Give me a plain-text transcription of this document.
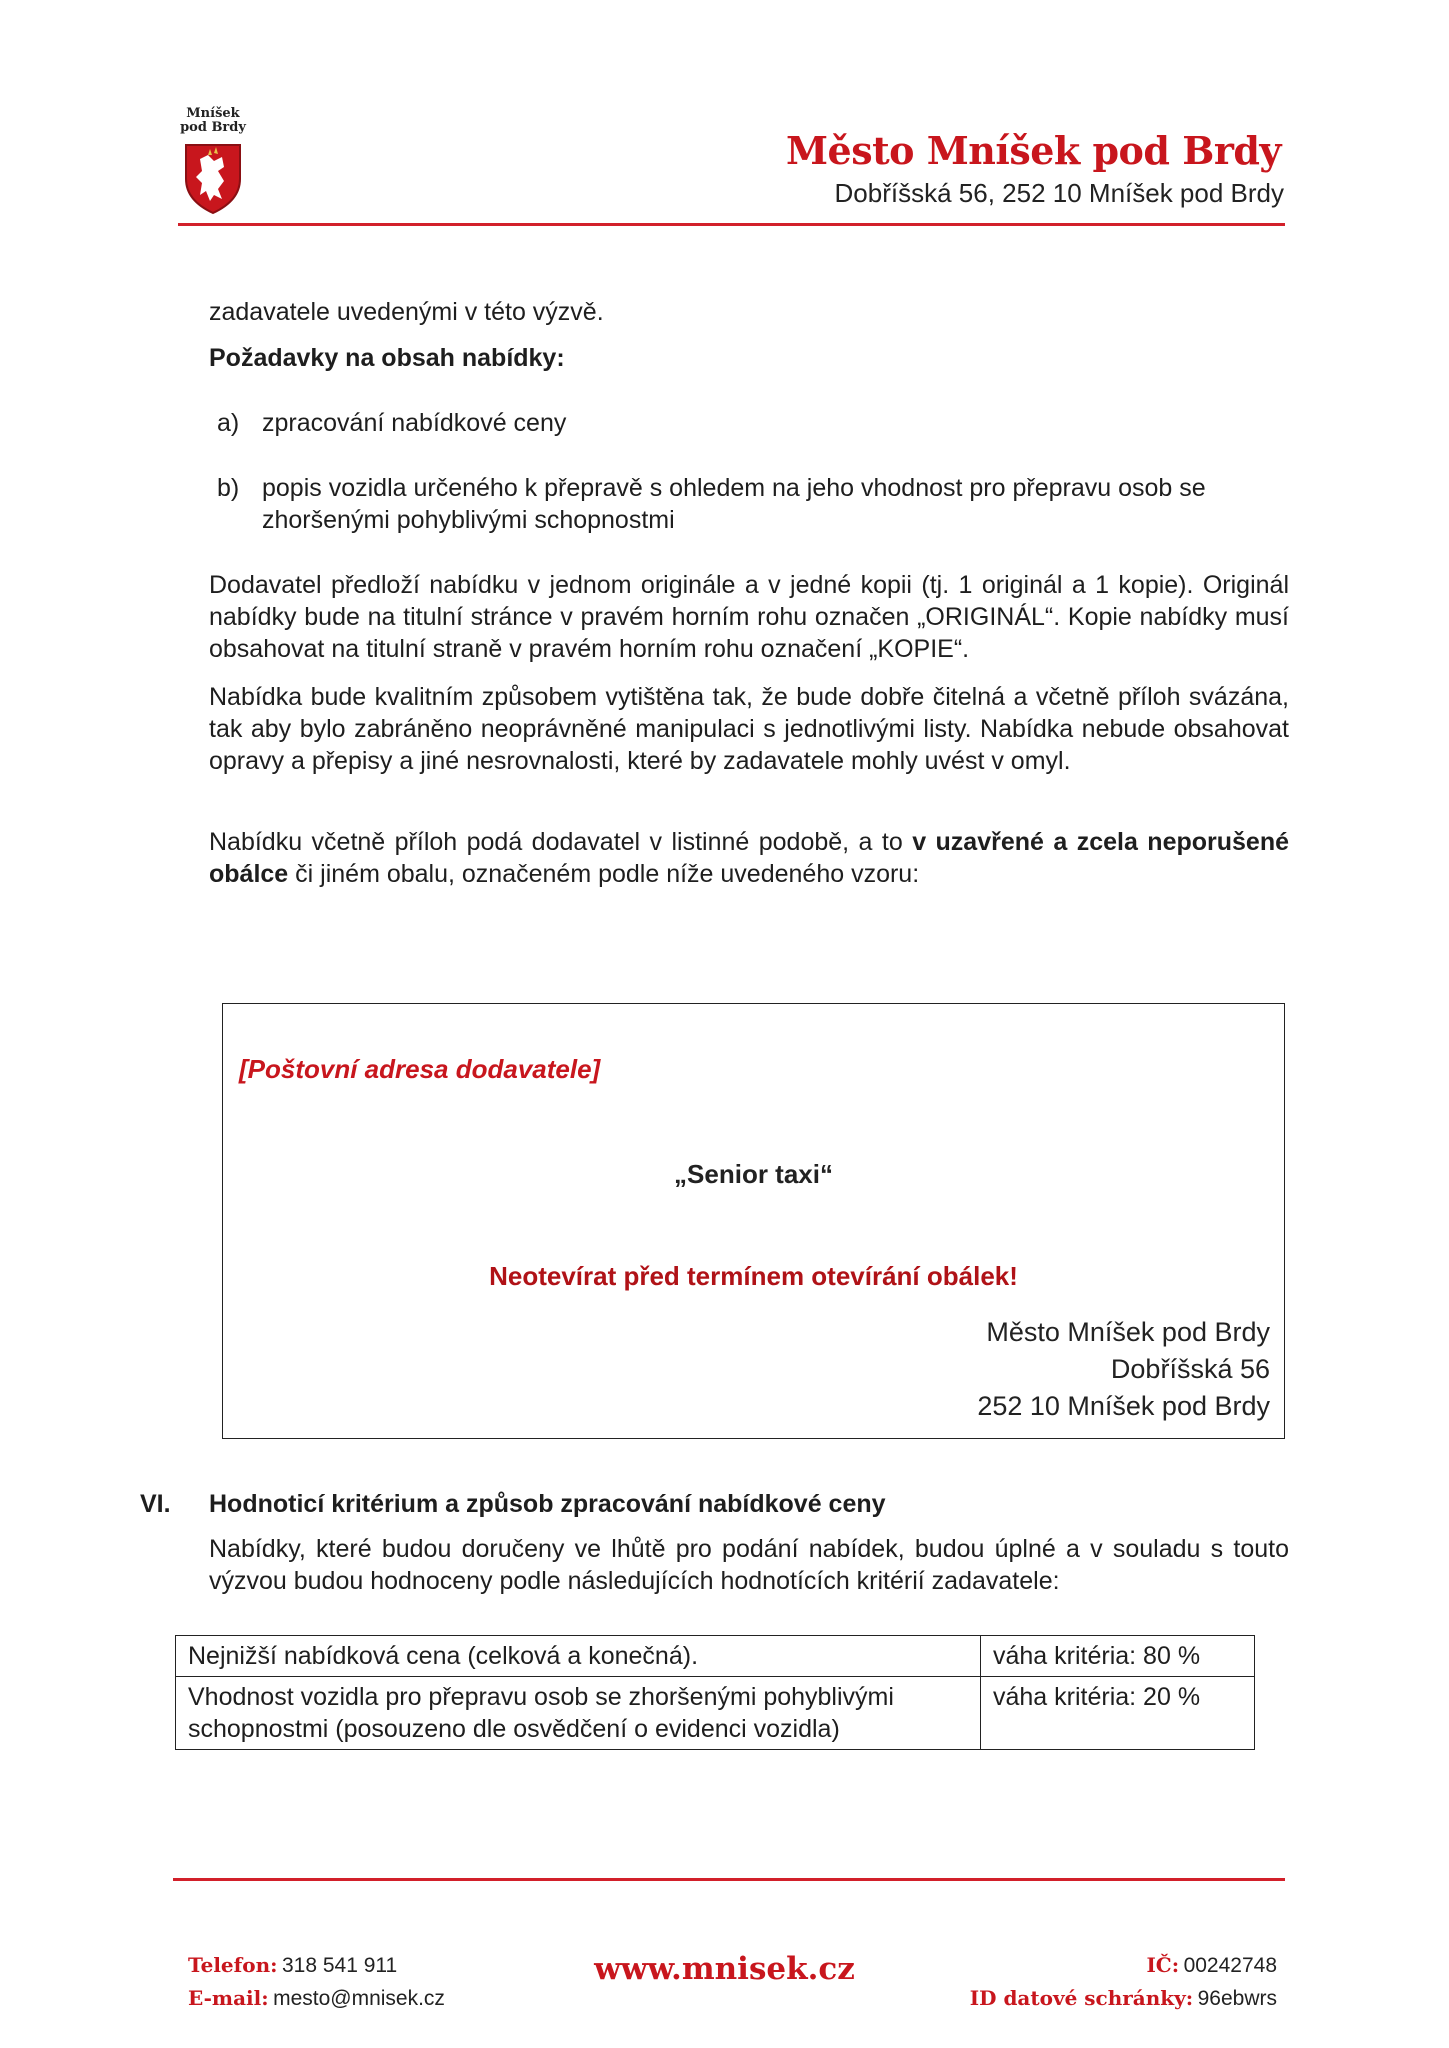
Mníšek
pod Brdy
Město Mníšek pod Brdy
Dobříšská 56, 252 10 Mníšek pod Brdy
zadavatele uvedenými v této výzvě.
Požadavky na obsah nabídky:
a) zpracování nabídkové ceny
b) popis vozidla určeného k přepravě s ohledem na jeho vhodnost pro přepravu osob se zhoršenými pohyblivými schopnostmi
Dodavatel předloží nabídku v jednom originále a v jedné kopii (tj. 1 originál a 1 kopie). Originál nabídky bude na titulní stránce v pravém horním rohu označen „ORIGINÁL“. Kopie nabídky musí obsahovat na titulní straně v pravém horním rohu označení „KOPIE“.
Nabídka bude kvalitním způsobem vytištěna tak, že bude dobře čitelná a včetně příloh svázána, tak aby bylo zabráněno neoprávněné manipulaci s jednotlivými listy. Nabídka nebude obsahovat opravy a přepisy a jiné nesrovnalosti, které by zadavatele mohly uvést v omyl.
Nabídku včetně příloh podá dodavatel v listinné podobě, a to v uzavřené a zcela neporušené obálce či jiném obalu, označeném podle níže uvedeného vzoru:
[Poštovní adresa dodavatele]
„Senior taxi“
Neotevírat před termínem otevírání obálek!
Město Mníšek pod Brdy
Dobříšská 56
252 10 Mníšek pod Brdy
VI. Hodnoticí kritérium a způsob zpracování nabídkové ceny
Nabídky, které budou doručeny ve lhůtě pro podání nabídek, budou úplné a v souladu s touto výzvou budou hodnoceny podle následujících hodnotících kritérií zadavatele:
Nejnižší nabídková cena (celková a konečná).	váha kritéria: 80 %
Vhodnost vozidla pro přepravu osob se zhoršenými pohyblivými schopnostmi (posouzeno dle osvědčení o evidenci vozidla)	váha kritéria: 20 %
Telefon: 318 541 911
E-mail: mesto@mnisek.cz
www.mnisek.cz	IČ: 00242748
ID datové schránky: 96ebwrs
